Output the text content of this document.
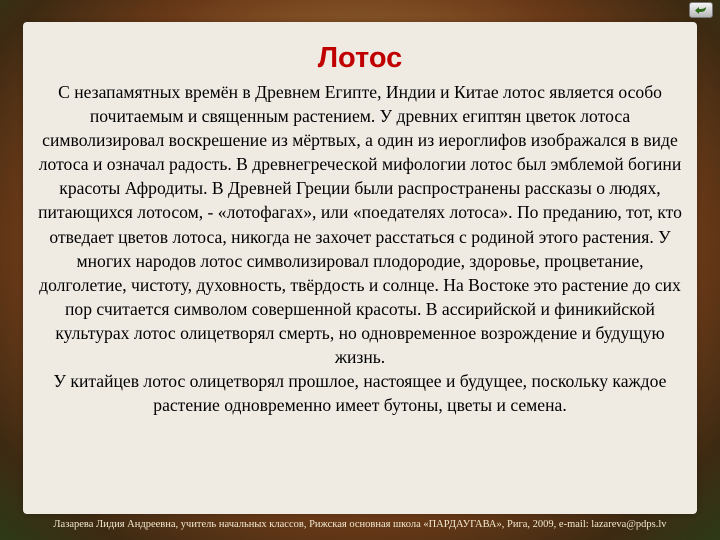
Лотос

С незапамятных времён в Древнем Египте, Индии и Китае лотос является особо почитаемым и священным растением. У древних египтян цветок лотоса символизировал воскрешение из мёртвых, а один из иероглифов изображался в виде лотоса и означал радость. В древнегреческой мифологии лотос был эмблемой богини красоты Афродиты. В Древней Греции были распространены рассказы о людях, питающихся лотосом, - «лотофагах», или «поедателях лотоса». По преданию, тот, кто отведает цветов лотоса, никогда не захочет расстаться с родиной этого растения. У многих народов лотос символизировал плодородие, здоровье, процветание, долголетие, чистоту, духовность, твёрдость и солнце. На Востоке это растение до сих пор считается символом совершенной красоты. В ассирийской и финикийской культурах лотос олицетворял смерть, но одновременное возрождение и будущую жизнь.

У китайцев лотос олицетворял прошлое, настоящее и будущее, поскольку каждое растение одновременно имеет бутоны, цветы и семена.

Лазарева Лидия Андреевна, учитель начальных классов, Рижская основная школа «ПАРДАУГАВА», Рига, 2009, e-mail: lazareva@pdps.lv
